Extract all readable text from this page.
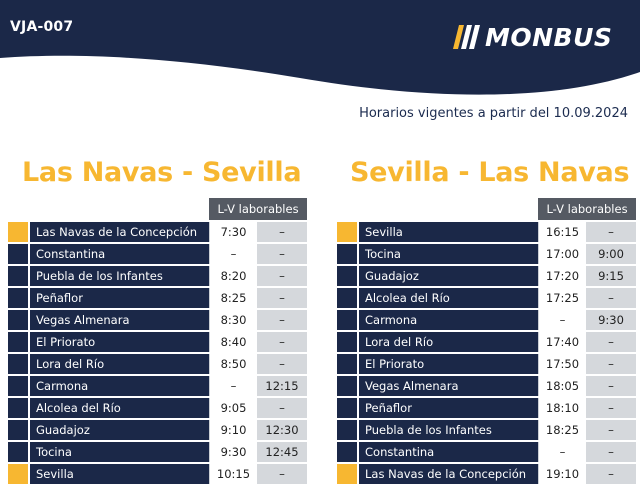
VJA-007	MONBUS
Horarios vigentes a partir del 10.09.2024
Las Navas - Sevilla Sevilla - Las Navas
L-V laborables
Las Navas de la Concepción	7:30	–
Constantina	–	–
Puebla de los Infantes	8:20	–
Peñaflor	8:25	–
Vegas Almenara	8:30	–
El Priorato	8:40	–
Lora del Río	8:50	–
Carmona	–	12:15
Alcolea del Río	9:05	–
Guadajoz	9:10	12:30
Tocina	9:30	12:45
Sevilla	10:15	–
L-V laborables
Sevilla	16:15	–
Tocina	17:00	9:00
Guadajoz	17:20	9:15
Alcolea del Río	17:25	–
Carmona	–	9:30
Lora del Río	17:40	–
El Priorato	17:50	–
Vegas Almenara	18:05	–
Peñaflor	18:10	–
Puebla de los Infantes	18:25	–
Constantina	–	–
Las Navas de la Concepción	19:10	–
